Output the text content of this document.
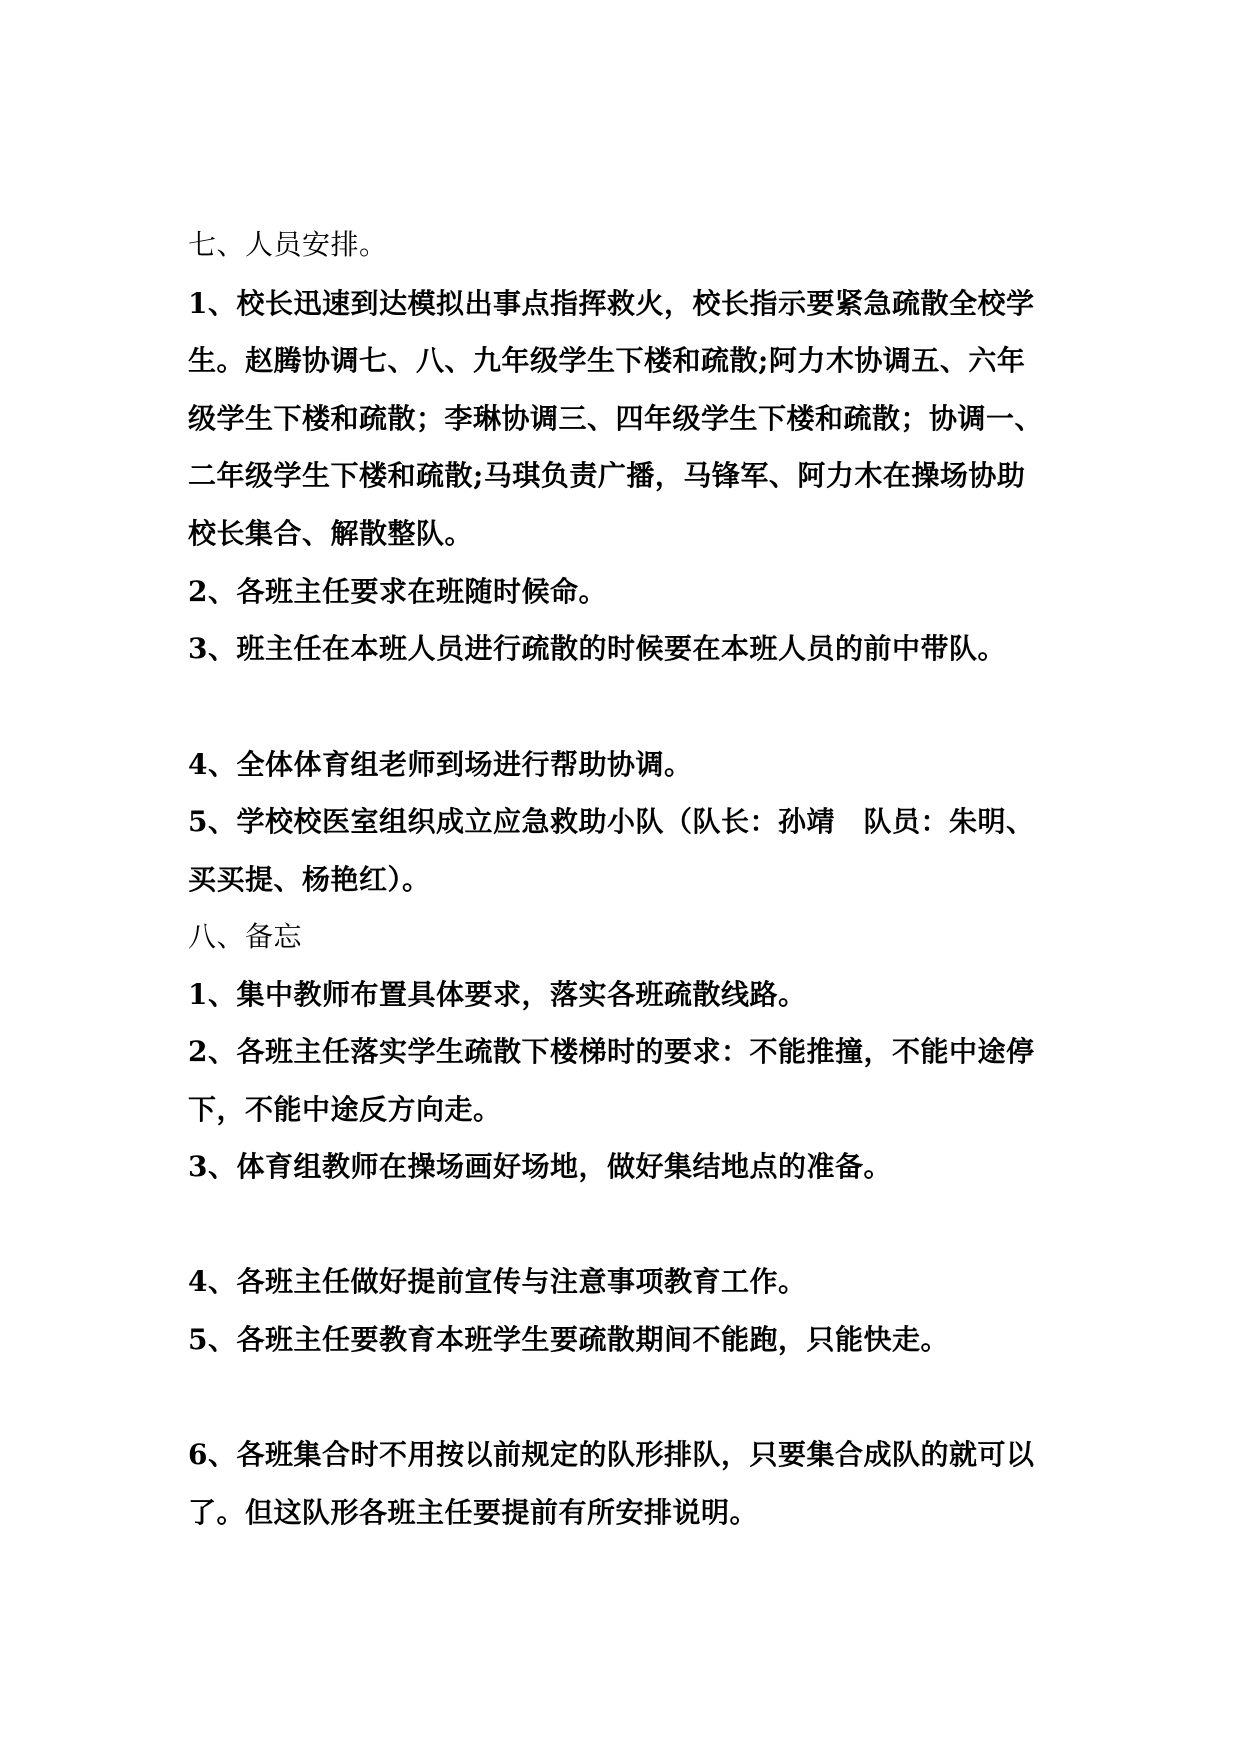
七、人员安排。
1、校长迅速到达模拟出事点指挥救火，校长指示要紧急疏散全校学
生。赵腾协调七、八、九年级学生下楼和疏散;阿力木协调五、六年
级学生下楼和疏散；李琳协调三、四年级学生下楼和疏散；协调一、
二年级学生下楼和疏散;马琪负责广播，马锋军、阿力木在操场协助
校长集合、解散整队。
2、各班主任要求在班随时候命。
3、班主任在本班人员进行疏散的时候要在本班人员的前中带队。
4、全体体育组老师到场进行帮助协调。
5、学校校医室组织成立应急救助小队（队长：孙靖　队员：朱明、
买买提、杨艳红）。
八、备忘
1、集中教师布置具体要求，落实各班疏散线路。
2、各班主任落实学生疏散下楼梯时的要求：不能推撞，不能中途停
下，不能中途反方向走。
3、体育组教师在操场画好场地，做好集结地点的准备。
4、各班主任做好提前宣传与注意事项教育工作。
5、各班主任要教育本班学生要疏散期间不能跑，只能快走。
6、各班集合时不用按以前规定的队形排队，只要集合成队的就可以
了。但这队形各班主任要提前有所安排说明。
